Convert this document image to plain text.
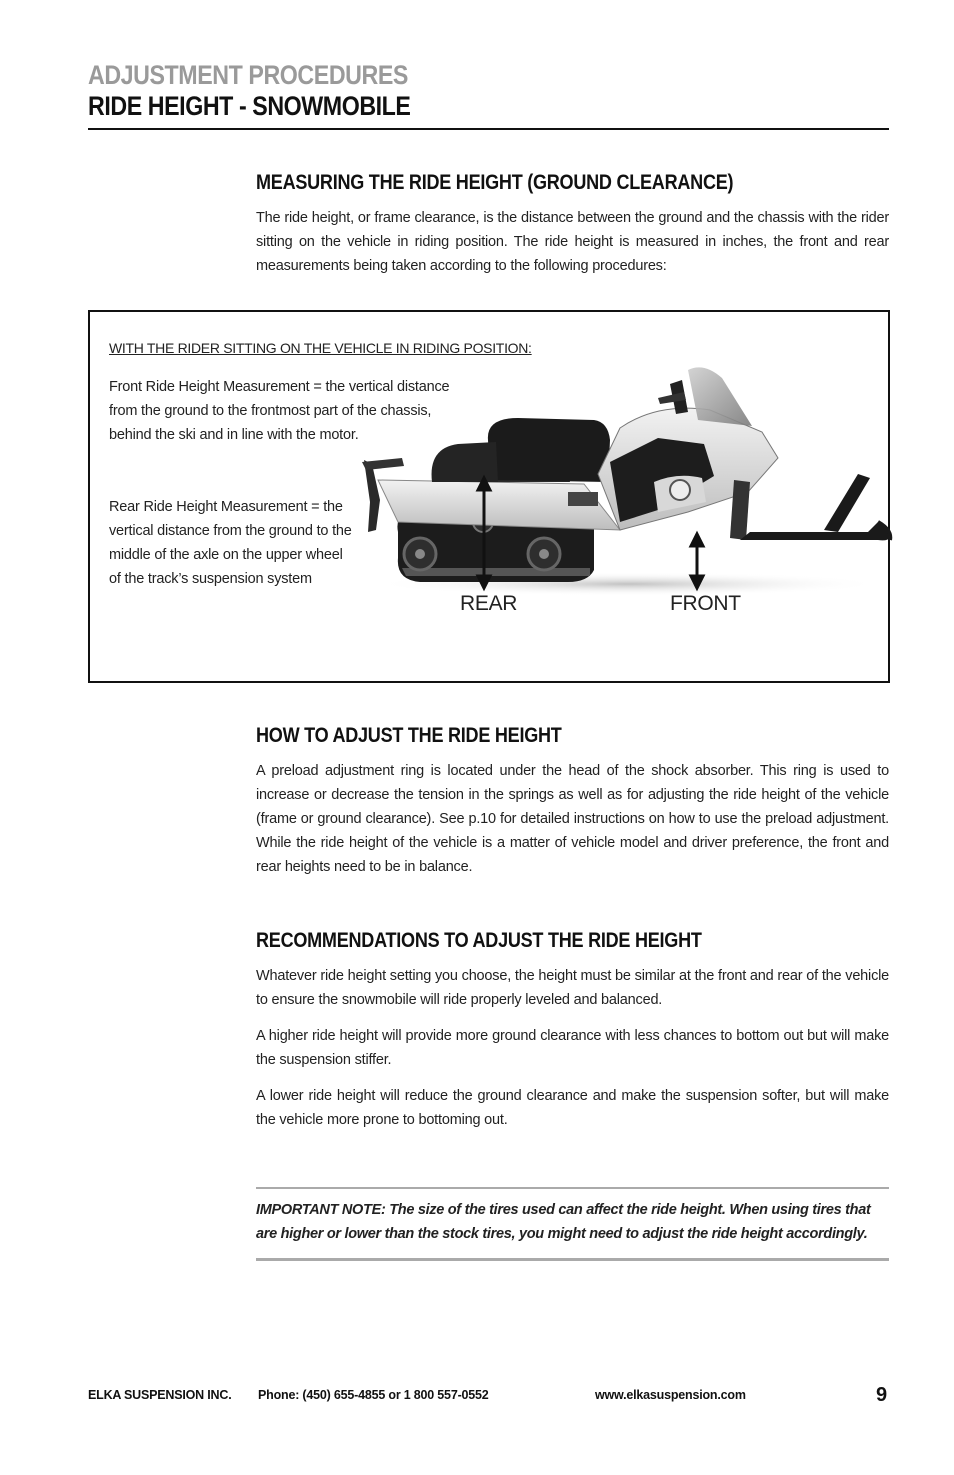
ADJUSTMENT PROCEDURES
RIDE HEIGHT - SNOWMOBILE
MEASURING THE RIDE HEIGHT (GROUND CLEARANCE)

The ride height, or frame clearance, is the distance between the ground and the chassis with the rider sitting on the vehicle in riding position. The ride height is measured in inches, the front and rear measurements being taken according to the following procedures:

WITH THE RIDER SITTING ON THE VEHICLE IN RIDING POSITION:
Front Ride Height Measurement = the vertical distance from the ground to the frontmost part of the chassis, behind the ski and in line with the motor.
Rear Ride Height Measurement = the vertical distance from the ground to the middle of the axle on the upper wheel of the track’s suspension system
REAR	FRONT
HOW TO ADJUST THE RIDE HEIGHT

A preload adjustment ring is located under the head of the shock absorber. This ring is used to increase or decrease the tension in the springs as well as for adjusting the ride height of the vehicle (frame or ground clearance). See p.10 for detailed instructions on how to use the preload adjustment. While the ride height of the vehicle is a matter of vehicle model and driver preference, the front and rear heights need to be in balance.

RECOMMENDATIONS TO ADJUST THE RIDE HEIGHT

Whatever ride height setting you choose, the height must be similar at the front and rear of the vehicle to ensure the snowmobile will ride properly leveled and balanced.

A higher ride height will provide more ground clearance with less chances to bottom out but will make the suspension stiffer.

A lower ride height will reduce the ground clearance and make the suspension softer, but will make the vehicle more prone to bottoming out.

IMPORTANT NOTE: The size of the tires used can affect the ride height. When using tires that are higher or lower than the stock tires, you might need to adjust the ride height accordingly.
ELKA SUSPENSION INC. Phone: (450) 655-4855 or 1 800 557-0552	www.elkasuspension.com	9
